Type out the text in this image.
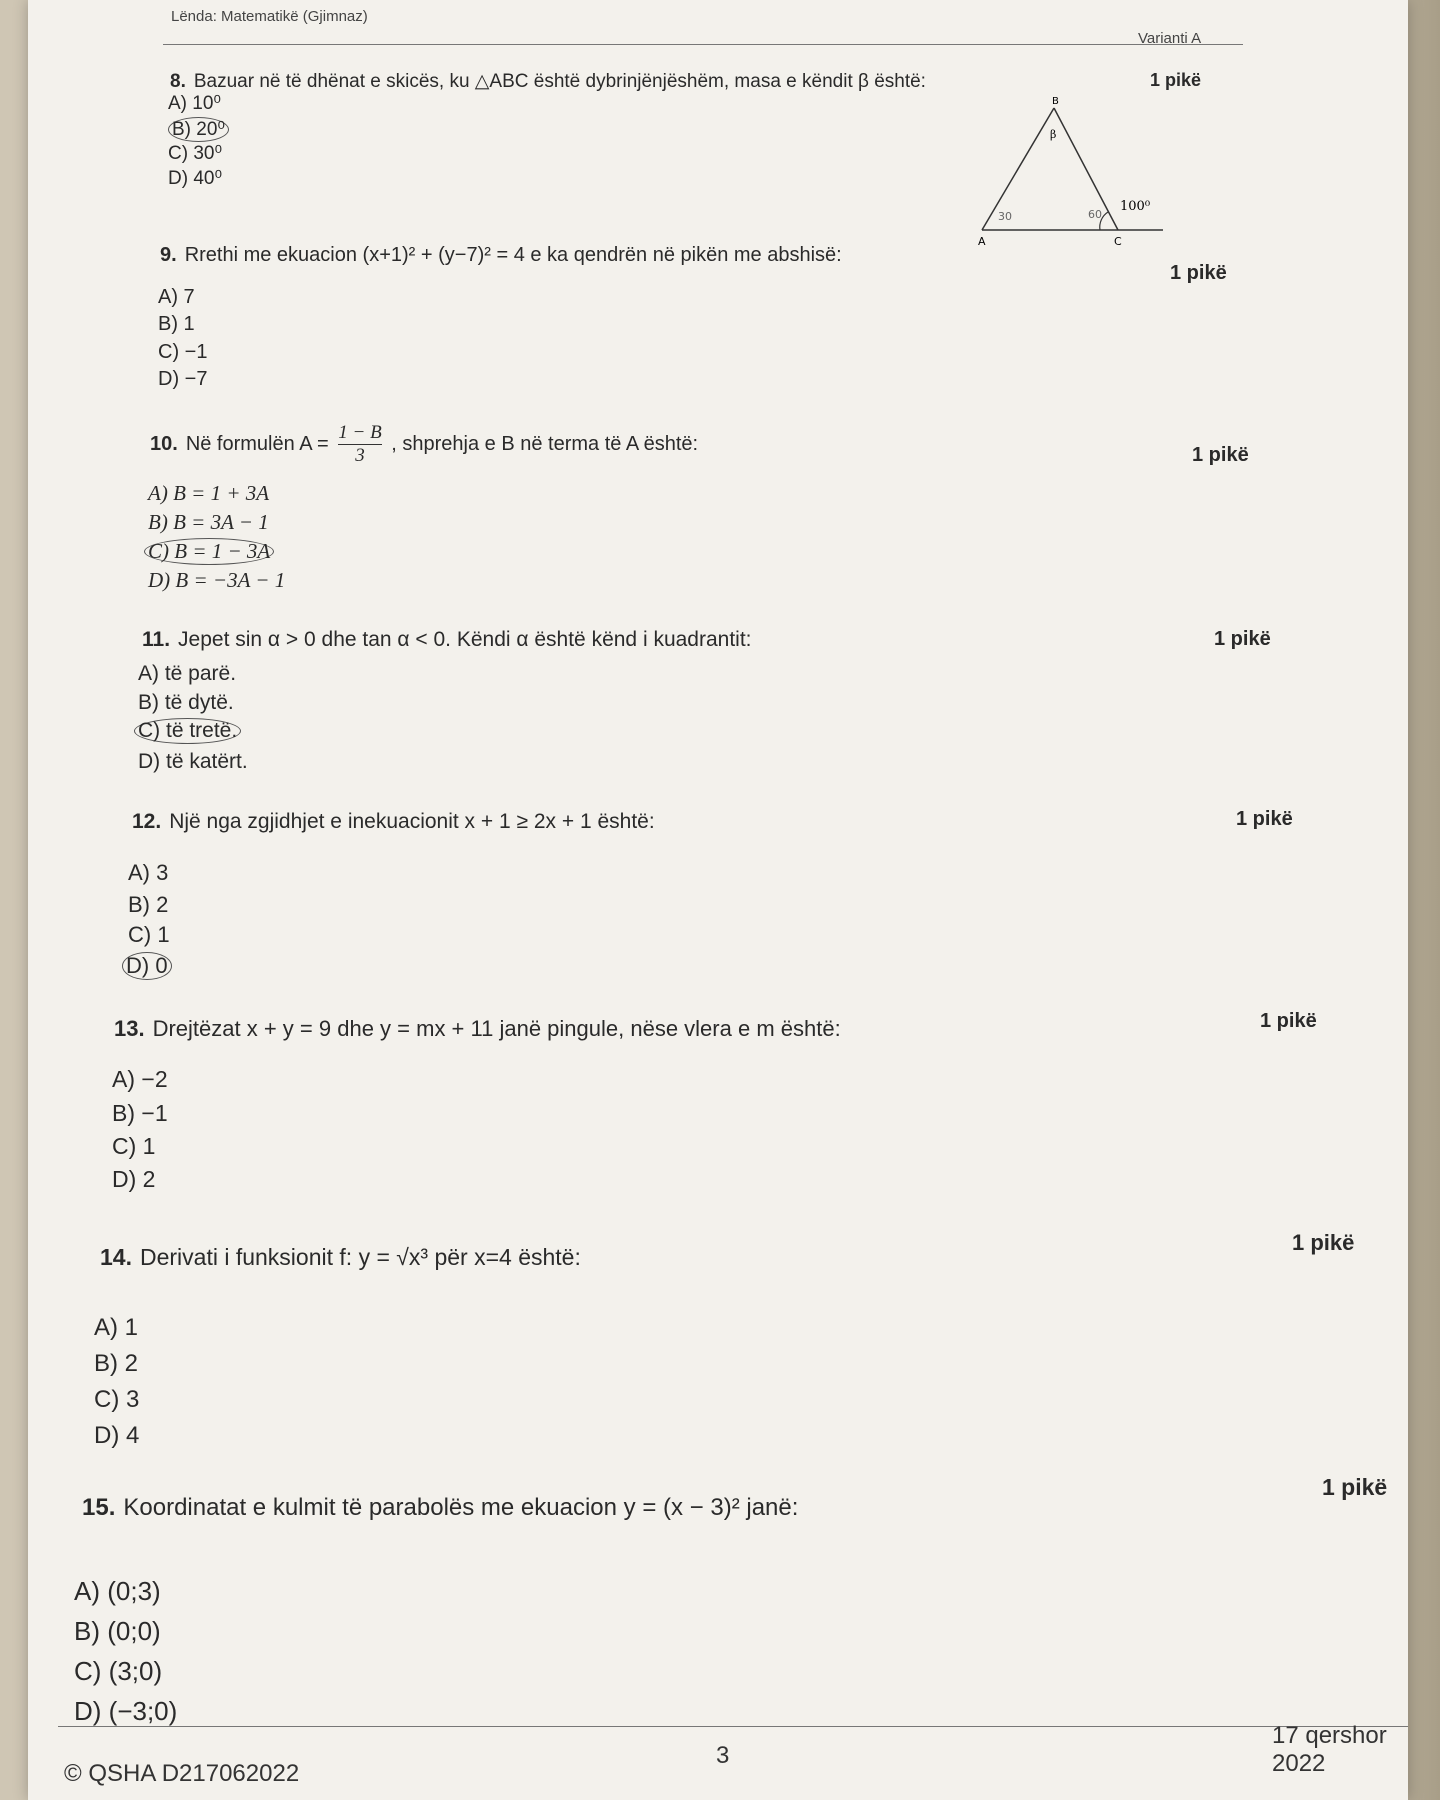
Lënda: Matematikë (Gjimnaz)
Varianti A
8. Bazuar në të dhënat e skicës, ku △ABC është dybrinjënjëshëm, masa e këndit β është:	1 pikë
A) 10⁰
B) 20⁰
C) 30⁰
D) 40⁰
A
B
C
β
100⁰
30	60
9. Rrethi me ekuacion (x+1)² + (y−7)² = 4 e ka qendrën në pikën me abshisë:
1 pikë
A) 7
B) 1
C) −1
D) −7
10. Në formulën $A = \frac{1 - B}{3}$ , shprehja e B në terma të A është:
1 pikë
A) B = 1 + 3A
B) B = 3A − 1
C) B = 1 − 3A
D) B = −3A − 1
11. Jepet sin α > 0 dhe tan α < 0. Këndi α është kënd i kuadrantit:	1 pikë
A) të parë.
B) të dytë.
C) të tretë.
D) të katërt.
12. Një nga zgjidhjet e inekuacionit x + 1 ≥ 2x + 1 është:	1 pikë
A) 3
B) 2
C) 1
D) 0
13. Drejtëzat x + y = 9 dhe y = mx + 11 janë pingule, nëse vlera e m është:	1 pikë
A) −2
B) −1
C) 1
D) 2
14. Derivati i funksionit f: y = √x³ për x=4 është:
1 pikë
A) 1
B) 2
C) 3
D) 4
15. Koordinatat e kulmit të parabolës me ekuacion y = (x − 3)² janë:
1 pikë
A) (0;3)
B) (0;0)
C) (3;0)
D) (−3;0)
© QSHA D217062022
3
17 qershor 2022
